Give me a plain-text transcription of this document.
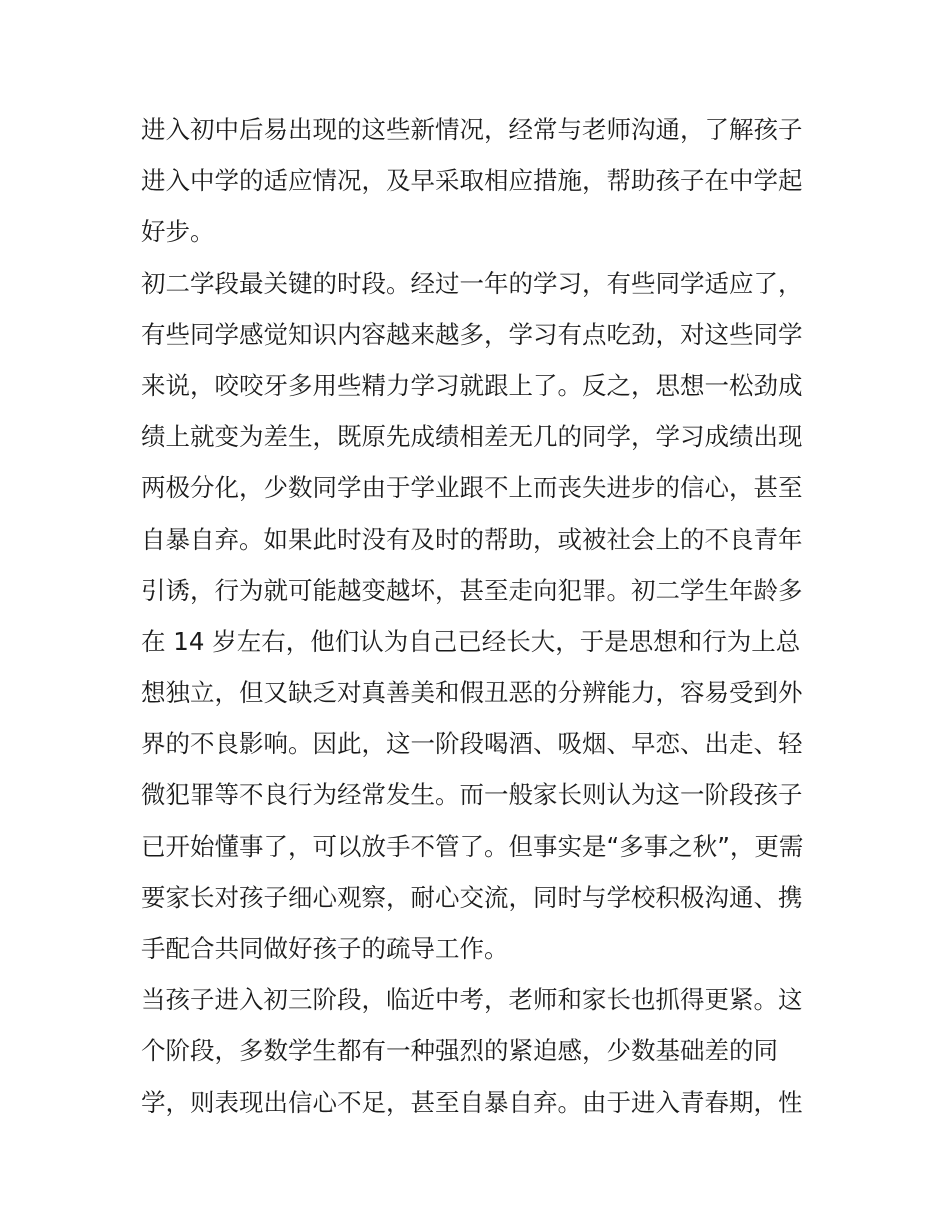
进入初中后易出现的这些新情况，经常与老师沟通，了解孩子
进入中学的适应情况，及早采取相应措施，帮助孩子在中学起
好步。
初二学段最关键的时段。经过一年的学习，有些同学适应了，
有些同学感觉知识内容越来越多，学习有点吃劲，对这些同学
来说，咬咬牙多用些精力学习就跟上了。反之，思想一松劲成
绩上就变为差生，既原先成绩相差无几的同学，学习成绩出现
两极分化，少数同学由于学业跟不上而丧失进步的信心，甚至
自暴自弃。如果此时没有及时的帮助，或被社会上的不良青年
引诱，行为就可能越变越坏，甚至走向犯罪。初二学生年龄多
在 14 岁左右，他们认为自己已经长大，于是思想和行为上总
想独立，但又缺乏对真善美和假丑恶的分辨能力，容易受到外
界的不良影响。因此，这一阶段喝酒、吸烟、早恋、出走、轻
微犯罪等不良行为经常发生。而一般家长则认为这一阶段孩子
已开始懂事了，可以放手不管了。但事实是“多事之秋”，更需
要家长对孩子细心观察，耐心交流，同时与学校积极沟通、携
手配合共同做好孩子的疏导工作。
当孩子进入初三阶段，临近中考，老师和家长也抓得更紧。这
个阶段，多数学生都有一种强烈的紧迫感，少数基础差的同
学，则表现出信心不足，甚至自暴自弃。由于进入青春期，性
